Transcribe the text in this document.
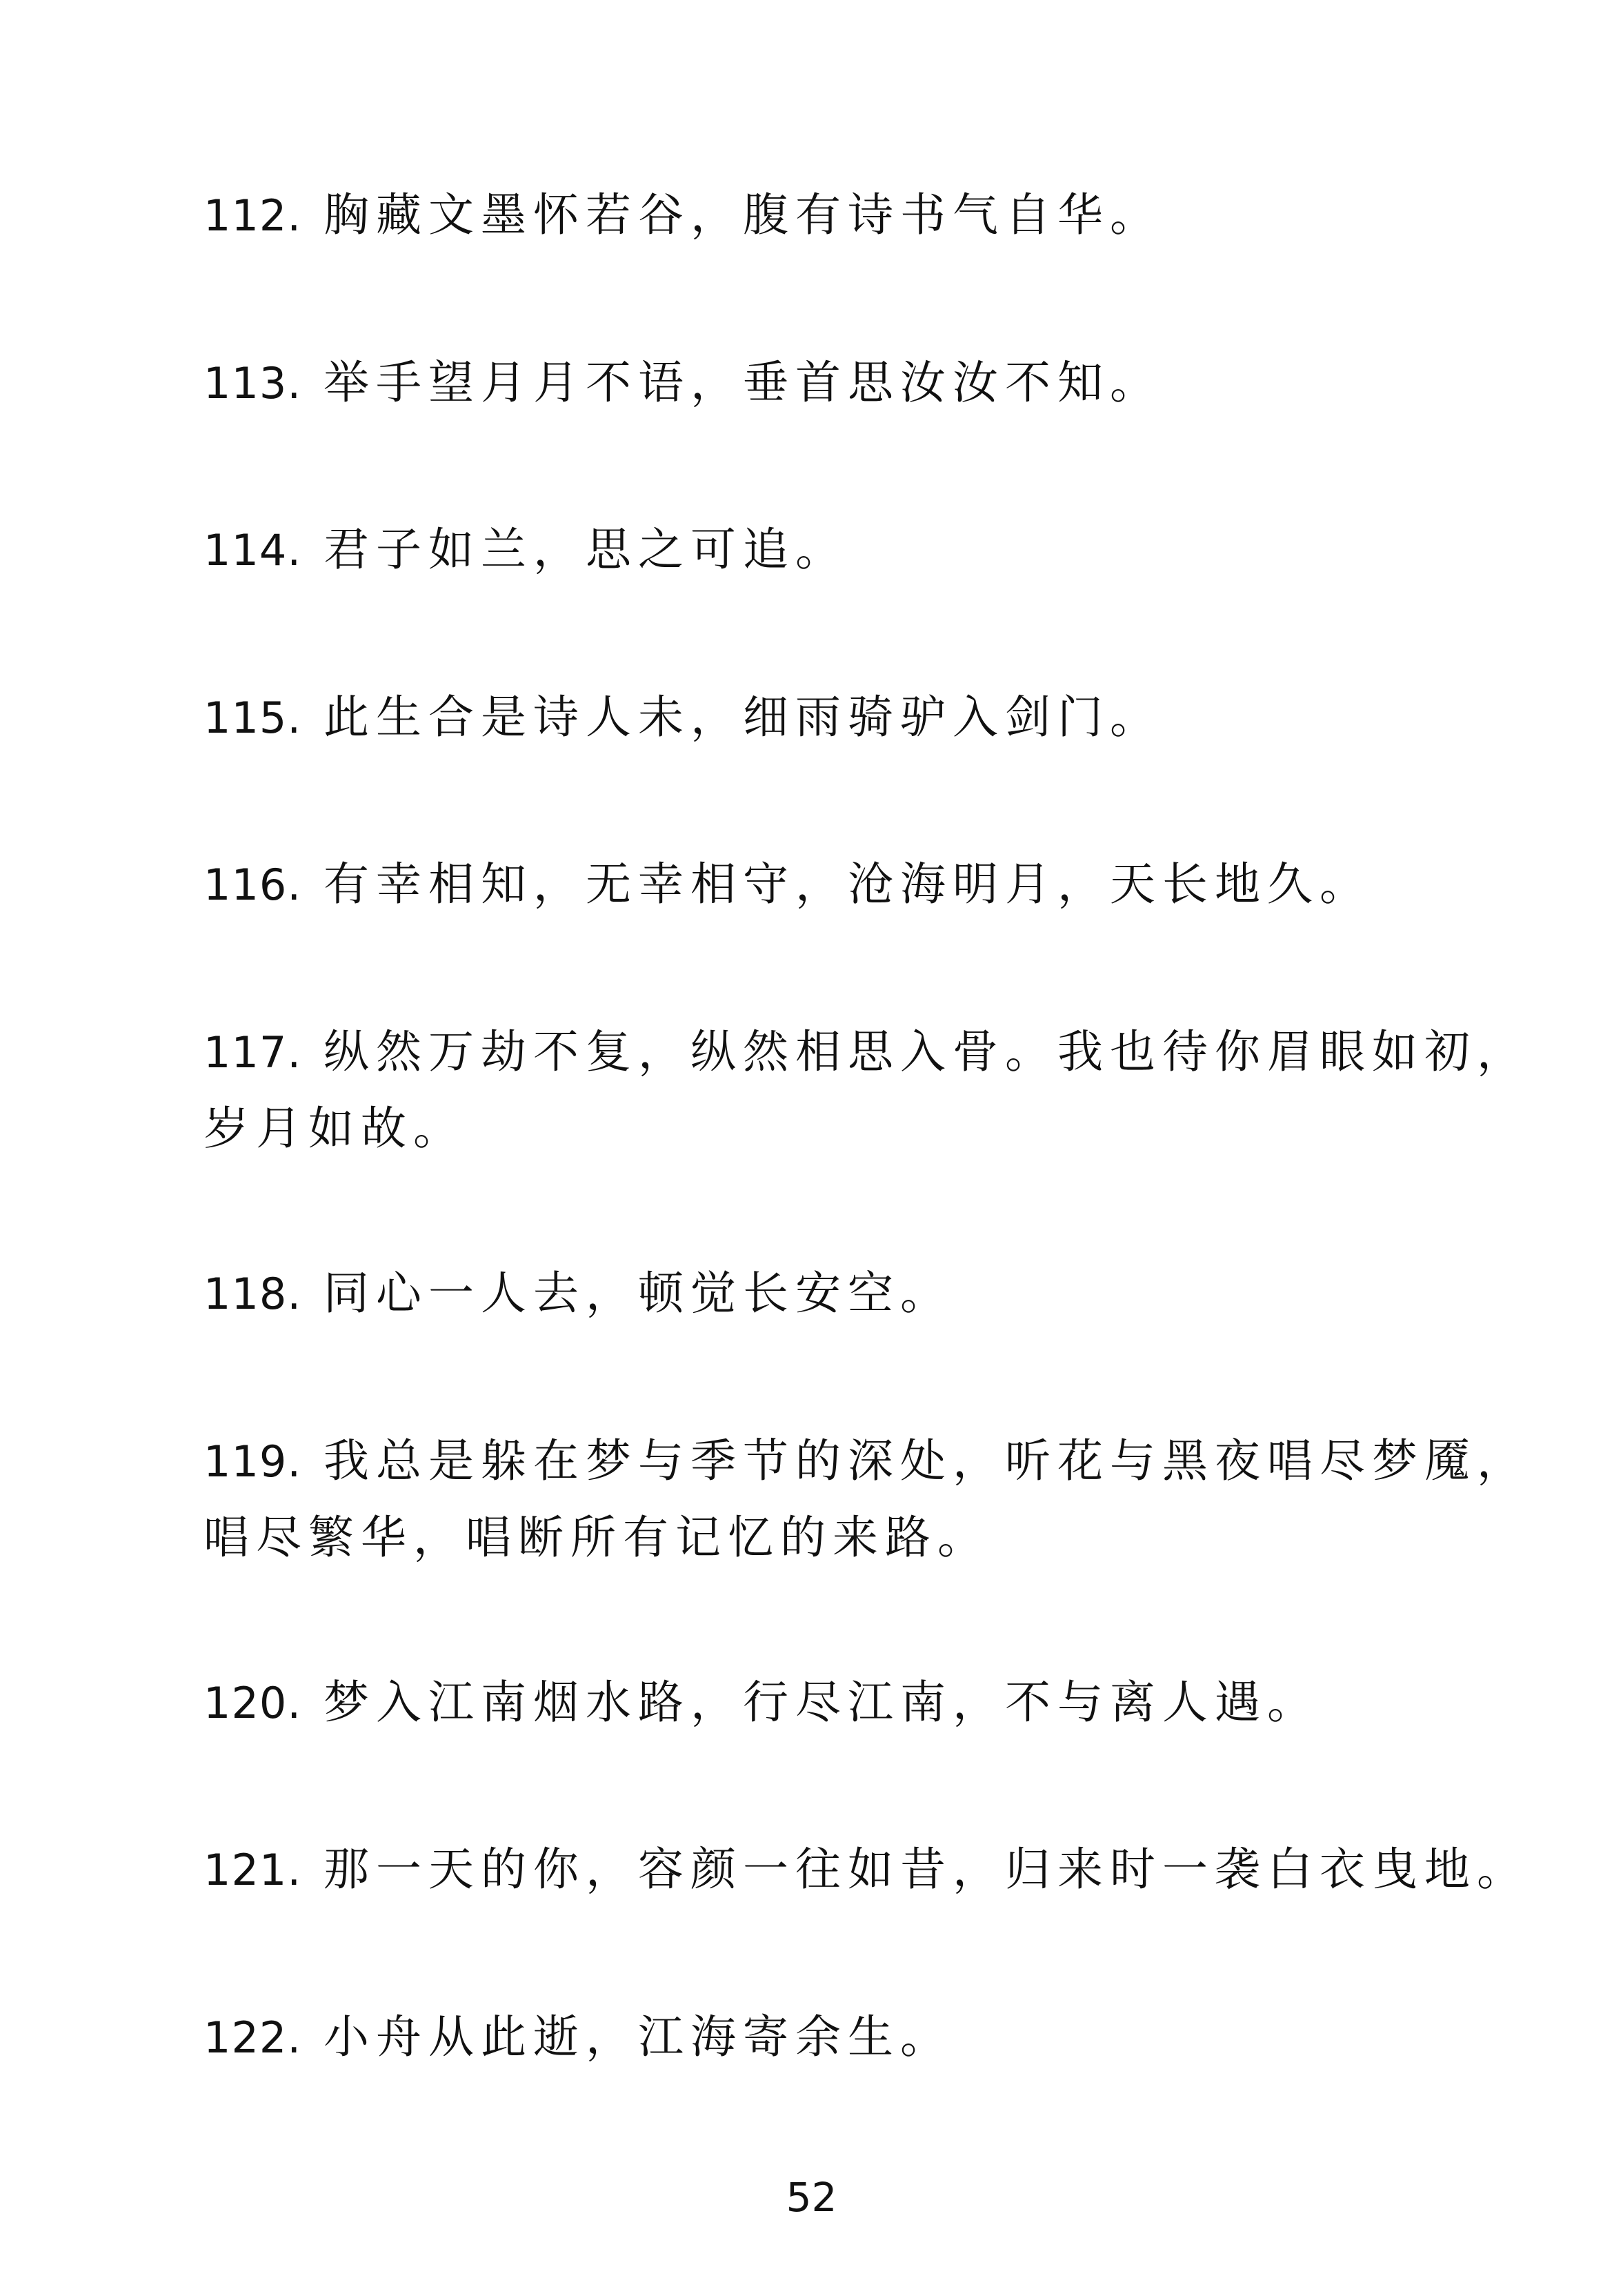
112. 胸藏文墨怀若谷，腹有诗书气自华。
113. 举手望月月不语，垂首思汝汝不知。
114. 君子如兰，思之可追。
115. 此生合是诗人未，细雨骑驴入剑门。
116. 有幸相知，无幸相守，沧海明月，天长地久。
117. 纵然万劫不复，纵然相思入骨。我也待你眉眼如初，
岁月如故。
118. 同心一人去，顿觉长安空。
119. 我总是躲在梦与季节的深处，听花与黑夜唱尽梦魇，
唱尽繁华，唱断所有记忆的来路。
120. 梦入江南烟水路，行尽江南，不与离人遇。
121. 那一天的你，容颜一往如昔，归来时一袭白衣曳地。
122. 小舟从此逝，江海寄余生。
52
